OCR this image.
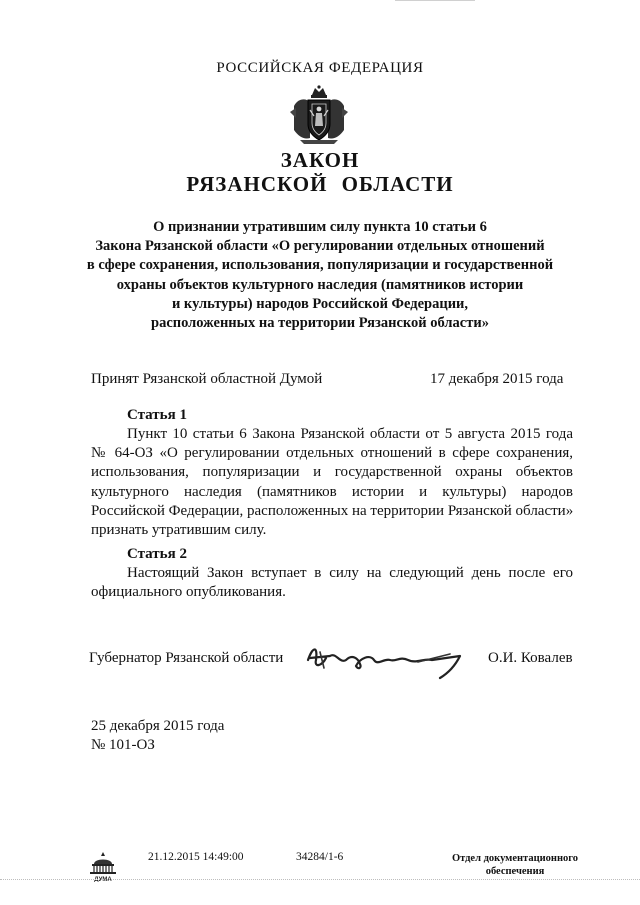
РОССИЙСКАЯ ФЕДЕРАЦИЯ
ЗАКОН
РЯЗАНСКОЙ ОБЛАСТИ
О признании утратившим силу пункта 10 статьи 6
Закона Рязанской области «О регулировании отдельных отношений
в сфере сохранения, использования, популяризации и государственной
охраны объектов культурного наследия (памятников истории
и культуры) народов Российской Федерации,
расположенных на территории Рязанской области»
Принят Рязанской областной Думой	17 декабря 2015 года
Статья 1
Пункт 10 статьи 6 Закона Рязанской области от 5 августа 2015 года
№ 64-ОЗ «О регулировании отдельных отношений в сфере сохранения,
использования, популяризации и государственной охраны объектов
культурного наследия (памятников истории и культуры) народов
Российской Федерации, расположенных на территории Рязанской области»
признать утратившим силу.
Статья 2
Настоящий Закон вступает в силу на следующий день после его
официального опубликования.
Губернатор Рязанской области	О.И. Ковалев
25 декабря 2015 года
№ 101-ОЗ
ДУМА
21.12.2015 14:49:00	34284/1-6	Отдел документационного
обеспечения
